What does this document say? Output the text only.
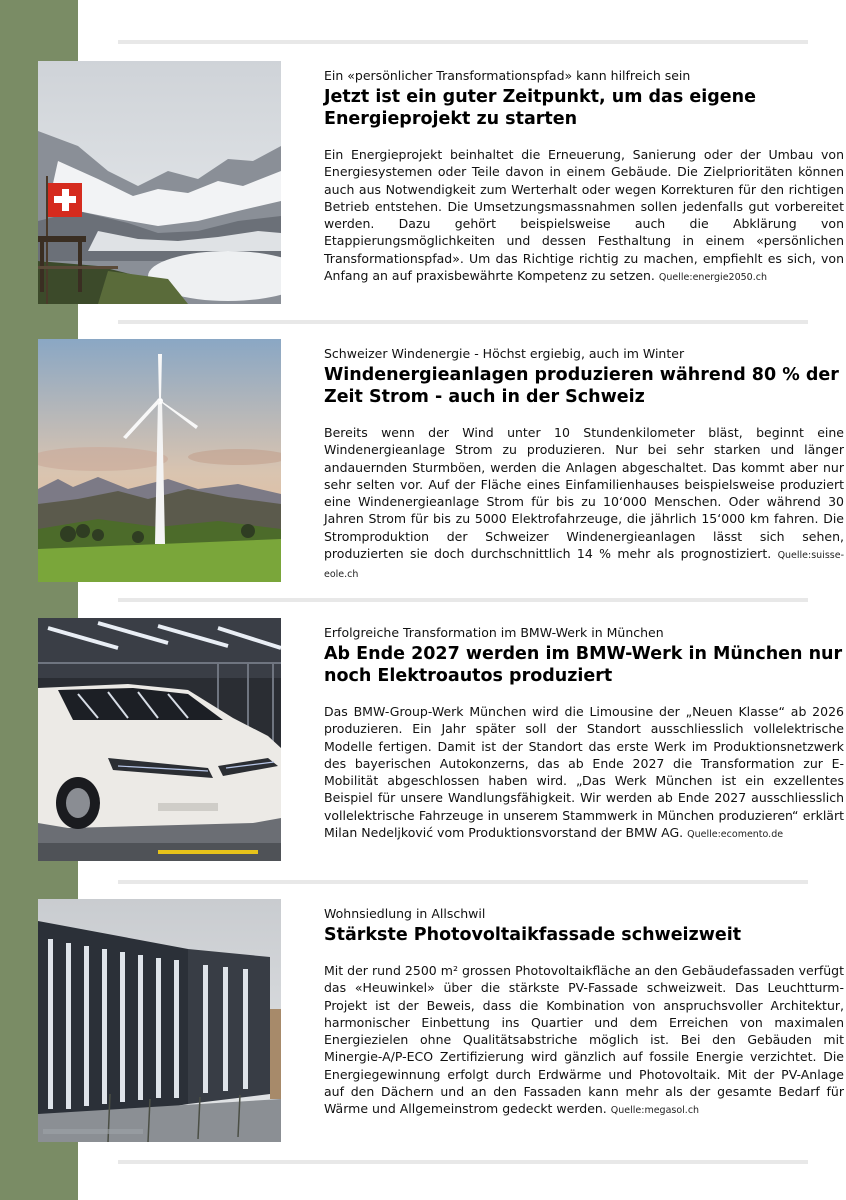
Ein «persönlicher Transformationspfad» kann hilfreich sein
Jetzt ist ein guter Zeitpunkt, um das eigene Energieprojekt zu starten

Ein Energieprojekt beinhaltet die Erneuerung, Sanierung oder der Umbau von Energiesystemen oder Teile davon in einem Gebäude. Die Zielprioritäten können auch aus Notwendigkeit zum Werterhalt oder wegen Korrekturen für den richtigen Betrieb entstehen. Die Umsetzungsmassnahmen sollen jedenfalls gut vorbereitet werden. Dazu gehört beispielsweise auch die Abklärung von Etappierungsmöglichkeiten und dessen Festhaltung in einem «persönlichen Transformationspfad». Um das Richtige richtig zu machen, empfiehlt es sich, von Anfang an auf praxisbewährte Kompetenz zu setzen. Quelle:energie2050.ch

Schweizer Windenergie - Höchst ergiebig, auch im Winter
Windenergieanlagen produzieren während 80 % der Zeit Strom - auch in der Schweiz

Bereits wenn der Wind unter 10 Stundenkilometer bläst, beginnt eine Windenergieanlage Strom zu produzieren. Nur bei sehr starken und länger andauernden Sturmböen, werden die Anlagen abgeschaltet. Das kommt aber nur sehr selten vor. Auf der Fläche eines Einfamilienhauses beispielsweise produziert eine Windenergieanlage Strom für bis zu 10‘000 Menschen. Oder während 30 Jahren Strom für bis zu 5000 Elektrofahrzeuge, die jährlich 15‘000 km fahren. Die Stromproduktion der Schweizer Windenergieanlagen lässt sich sehen, produzierten sie doch durchschnittlich 14 % mehr als prognostiziert. Quelle:suisse-eole.ch

Erfolgreiche Transformation im BMW-Werk in München
Ab Ende 2027 werden im BMW-Werk in München nur noch Elektroautos produziert

Das BMW-Group-Werk München wird die Limousine der „Neuen Klasse“ ab 2026 produzieren. Ein Jahr später soll der Standort ausschliesslich vollelektrische Modelle fertigen. Damit ist der Standort das erste Werk im Produktionsnetzwerk des bayerischen Autokonzerns, das ab Ende 2027 die Transformation zur E-Mobilität abgeschlossen haben wird. „Das Werk München ist ein exzellentes Beispiel für unsere Wandlungsfähigkeit. Wir werden ab Ende 2027 ausschliesslich vollelektrische Fahrzeuge in unserem Stammwerk in München produzieren“ erklärt Milan Nedeljković vom Produktionsvorstand der BMW AG. Quelle:ecomento.de

Wohnsiedlung in Allschwil
Stärkste Photovoltaikfassade schweizweit

Mit der rund 2500 m² grossen Photovoltaikfläche an den Gebäudefassaden verfügt das «Heuwinkel» über die stärkste PV-Fassade schweizweit. Das Leuchtturm-Projekt ist der Beweis, dass die Kombination von anspruchsvoller Architektur, harmonischer Einbettung ins Quartier und dem Erreichen von maximalen Energiezielen ohne Qualitätsabstriche möglich ist. Bei den Gebäuden mit Minergie-A/P-ECO Zertifizierung wird gänzlich auf fossile Energie verzichtet. Die Energiegewinnung erfolgt durch Erdwärme und Photovoltaik. Mit der PV-Anlage auf den Dächern und an den Fassaden kann mehr als der gesamte Bedarf für Wärme und Allgemeinstrom gedeckt werden. Quelle:megasol.ch
